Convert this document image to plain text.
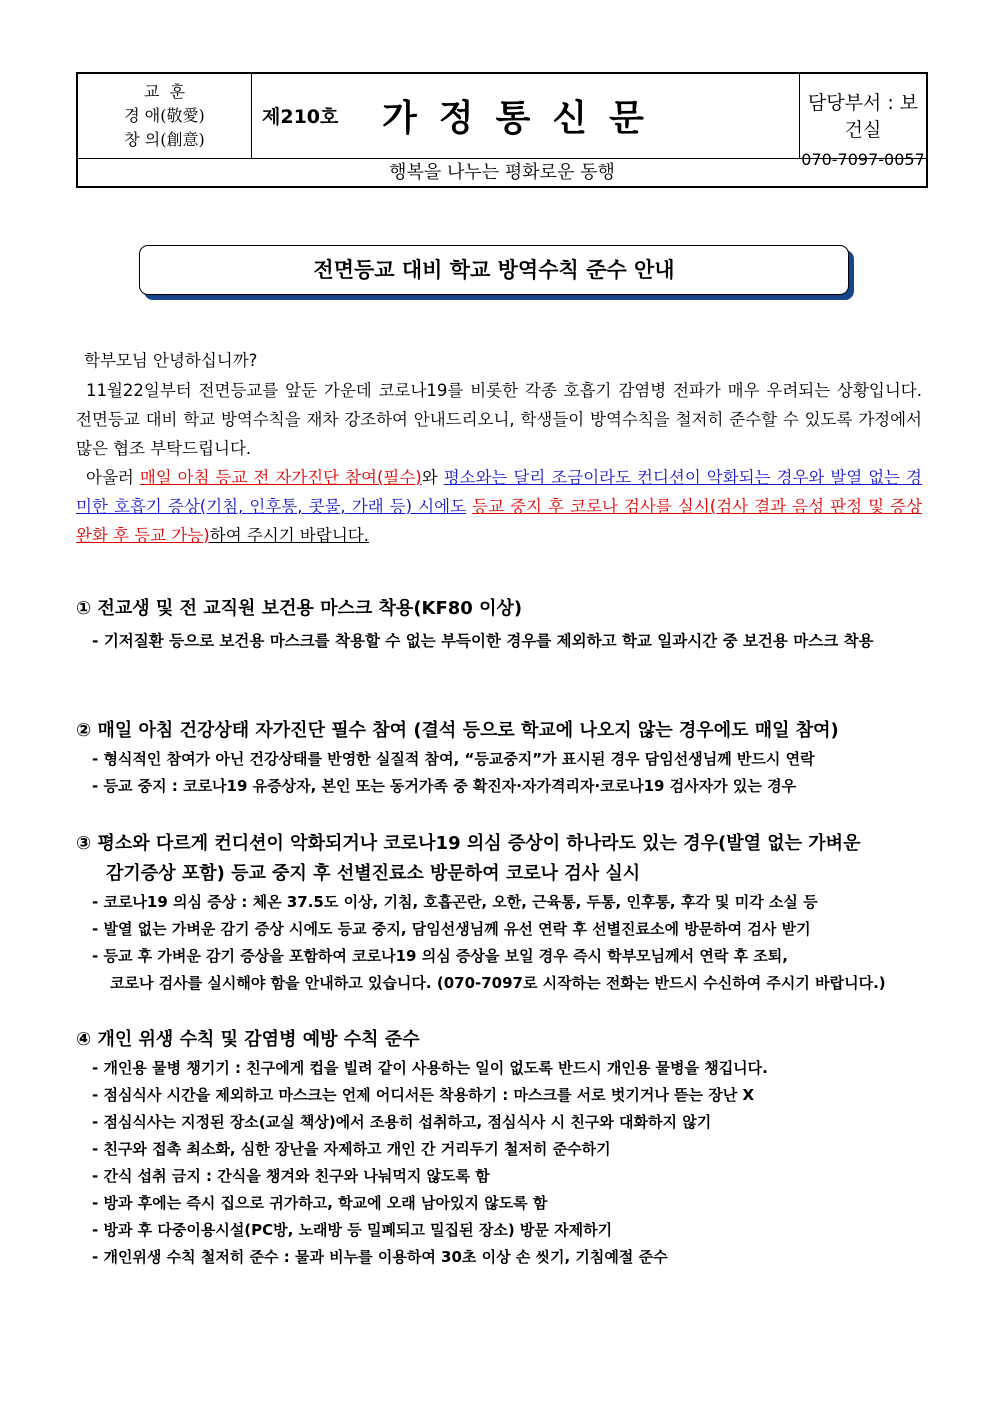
교  훈
경 애(敬愛)
창 의(創意)
제210호 가정통신문	담당부서 : 보건실
070-7097-0057
행복을 나누는 평화로운 동행
전면등교 대비 학교 방역수칙 준수 안내
학부모님 안녕하십니까?
11월22일부터 전면등교를 앞둔 가운데 코로나19를 비롯한 각종 호흡기 감염병 전파가 매우 우려되는 상황입니다. 전면등교 대비 학교 방역수칙을 재차 강조하여 안내드리오니, 학생들이 방역수칙을 철저히 준수할 수 있도록 가정에서 많은 협조 부탁드립니다.
아울러 매일 아침 등교 전 자가진단 참여(필수)와 평소와는 달리 조금이라도 컨디션이 악화되는 경우와 발열 없는 경미한 호흡기 증상(기침, 인후통, 콧물, 가래 등) 시에도 등교 중지 후 코로나 검사를 실시(검사 결과 음성 판정 및 증상 완화 후 등교 가능)하여 주시기 바랍니다.
① 전교생 및 전 교직원 보건용 마스크 착용(KF80 이상)
- 기저질환 등으로 보건용 마스크를 착용할 수 없는 부득이한 경우를 제외하고 학교 일과시간 중 보건용 마스크 착용
② 매일 아침 건강상태 자가진단 필수 참여 (결석 등으로 학교에 나오지 않는 경우에도 매일 참여)
- 형식적인 참여가 아닌 건강상태를 반영한 실질적 참여, “등교중지”가 표시된 경우 담임선생님께 반드시 연락
- 등교 중지 : 코로나19 유증상자, 본인 또는 동거가족 중 확진자·자가격리자·코로나19 검사자가 있는 경우
③ 평소와 다르게 컨디션이 악화되거나 코로나19 의심 증상이 하나라도 있는 경우(발열 없는 가벼운
감기증상 포함) 등교 중지 후 선별진료소 방문하여 코로나 검사 실시
- 코로나19 의심 증상 : 체온 37.5도 이상, 기침, 호흡곤란, 오한, 근육통, 두통, 인후통, 후각 및 미각 소실 등
- 발열 없는 가벼운 감기 증상 시에도 등교 중지, 담임선생님께 유선 연락 후 선별진료소에 방문하여 검사 받기
- 등교 후 가벼운 감기 증상을 포함하여 코로나19 의심 증상을 보일 경우 즉시 학부모님께서 연락 후 조퇴,
코로나 검사를 실시해야 함을 안내하고 있습니다. (070-7097로 시작하는 전화는 반드시 수신하여 주시기 바랍니다.)
④ 개인 위생 수칙 및 감염병 예방 수칙 준수
- 개인용 물병 챙기기 : 친구에게 컵을 빌려 같이 사용하는 일이 없도록 반드시 개인용 물병을 챙깁니다.
- 점심식사 시간을 제외하고 마스크는 언제 어디서든 착용하기 : 마스크를 서로 벗기거나 뜯는 장난 X
- 점심식사는 지정된 장소(교실 책상)에서 조용히 섭취하고, 점심식사 시 친구와 대화하지 않기
- 친구와 접촉 최소화, 심한 장난을 자제하고 개인 간 거리두기 철저히 준수하기
- 간식 섭취 금지 : 간식을 챙겨와 친구와 나눠먹지 않도록 함
- 방과 후에는 즉시 집으로 귀가하고, 학교에 오래 남아있지 않도록 함
- 방과 후 다중이용시설(PC방, 노래방 등 밀폐되고 밀집된 장소) 방문 자제하기
- 개인위생 수칙 철저히 준수 : 물과 비누를 이용하여 30초 이상 손 씻기, 기침예절 준수
